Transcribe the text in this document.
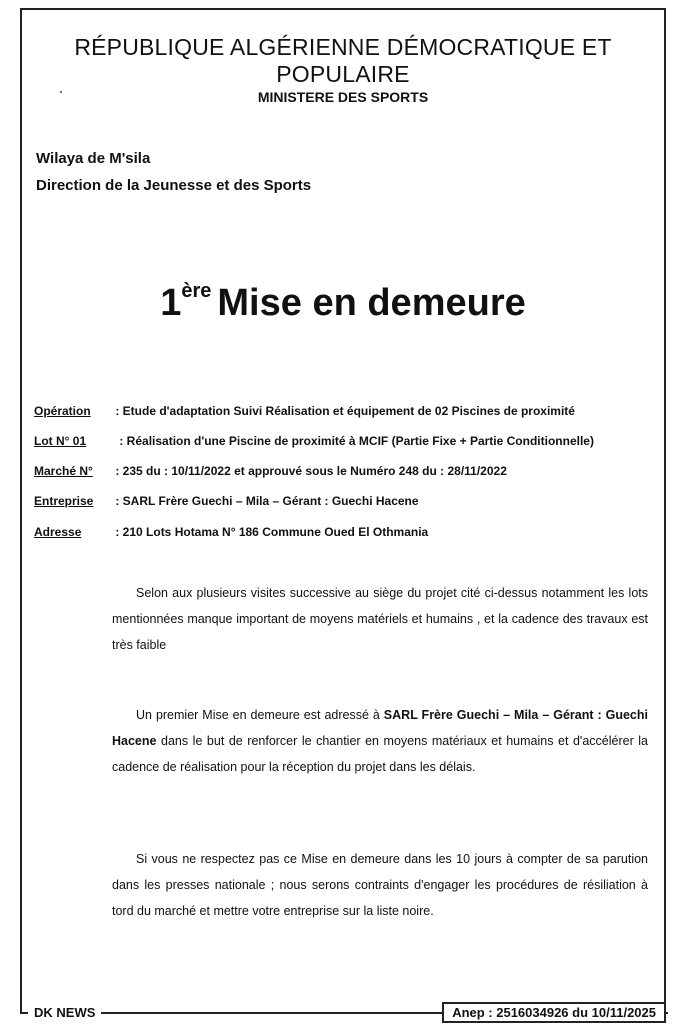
RÉPUBLIQUE ALGÉRIENNE DÉMOCRATIQUE ET POPULAIRE
MINISTERE DES SPORTS
Wilaya de M'sila
Direction de la Jeunesse et des Sports
1ère Mise en demeure
Opération : Etude d'adaptation Suivi Réalisation et équipement de 02 Piscines de proximité
Lot N° 01	: Réalisation d'une Piscine de proximité à MCIF (Partie Fixe + Partie Conditionnelle)
Marché N° : 235 du : 10/11/2022 et approuvé sous le Numéro 248 du : 28/11/2022
Entreprise : SARL Frère Guechi – Mila – Gérant : Guechi Hacene
Adresse	: 210 Lots Hotama N° 186 Commune Oued El Othmania
Selon aux plusieurs visites successive au siège du projet cité ci-dessus notamment les lots mentionnées manque important de moyens matériels et humains , et la cadence des travaux est très faible
Un premier Mise en demeure est adressé à SARL Frère Guechi – Mila – Gérant : Guechi Hacene dans le but de renforcer le chantier en moyens matériaux et humains et d'accélérer la cadence de réalisation pour la réception du projet dans les délais.
Si vous ne respectez pas ce Mise en demeure dans les 10 jours à compter de sa parution dans les presses nationale ; nous serons contraints d'engager les procédures de résiliation à tord du marché et mettre votre entreprise sur la liste noire.
DK NEWS	Anep : 2516034926 du 10/11/2025
